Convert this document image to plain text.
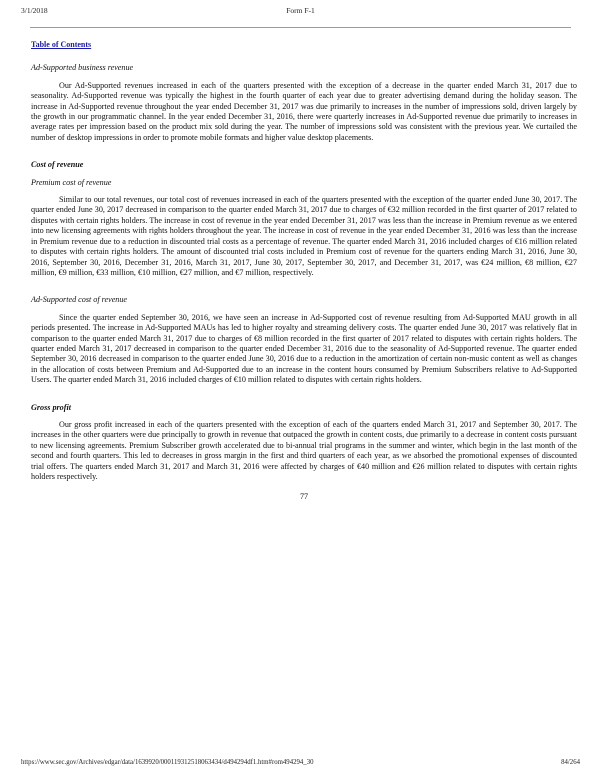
3/1/2018	Form F-1
Table of Contents
Ad-Supported business revenue

Our Ad-Supported revenues increased in each of the quarters presented with the exception of a decrease in the quarter ended March 31, 2017 due to seasonality. Ad-Supported revenue was typically the highest in the fourth quarter of each year due to greater advertising demand during the holiday season. The increase in Ad-Supported revenue throughout the year ended December 31, 2017 was due primarily to increases in the number of impressions sold, driven largely by the growth in our programmatic channel. In the year ended December 31, 2016, there were quarterly increases in Ad-Supported revenue due primarily to increases in average rates per impression based on the product mix sold during the year. The number of impressions sold was consistent with the previous year. We curtailed the number of desktop impressions in order to promote mobile formats and higher value desktop placements.

Cost of revenue
Premium cost of revenue

Similar to our total revenues, our total cost of revenues increased in each of the quarters presented with the exception of the quarter ended June 30, 2017. The quarter ended June 30, 2017 decreased in comparison to the quarter ended March 31, 2017 due to charges of €32 million recorded in the first quarter of 2017 related to disputes with certain rights holders. The increase in cost of revenue in the year ended December 31, 2017 was less than the increase in Premium revenue as we entered into new licensing agreements with rights holders throughout the year. The increase in cost of revenue in the year ended December 31, 2016 was less than the increase in Premium revenue due to a reduction in discounted trial costs as a percentage of revenue. The quarter ended March 31, 2016 included charges of €16 million related to disputes with certain rights holders. The amount of discounted trial costs included in Premium cost of revenue for the quarters ending March 31, 2016, June 30, 2016, September 30, 2016, December 31, 2016, March 31, 2017, June 30, 2017, September 30, 2017, and December 31, 2017, was €24 million, €8 million, €27 million, €9 million, €33 million, €10 million, €27 million, and €7 million, respectively.

Ad-Supported cost of revenue

Since the quarter ended September 30, 2016, we have seen an increase in Ad-Supported cost of revenue resulting from Ad-Supported MAU growth in all periods presented. The increase in Ad-Supported MAUs has led to higher royalty and streaming delivery costs. The quarter ended June 30, 2017 was relatively flat in comparison to the quarter ended March 31, 2017 due to charges of €8 million recorded in the first quarter of 2017 related to disputes with certain rights holders. The quarter ended March 31, 2017 decreased in comparison to the quarter ended December 31, 2016 due to the seasonality of Ad-Supported revenue. The quarter ended September 30, 2016 decreased in comparison to the quarter ended June 30, 2016 due to a reduction in the amortization of certain non-music content as well as changes in the allocation of costs between Premium and Ad-Supported due to an increase in the content hours consumed by Premium Subscribers relative to Ad-Supported Users. The quarter ended March 31, 2016 included charges of €10 million related to disputes with certain rights holders.

Gross profit

Our gross profit increased in each of the quarters presented with the exception of each of the quarters ended March 31, 2017 and September 30, 2017. The increases in the other quarters were due principally to growth in revenue that outpaced the growth in content costs, due primarily to a decrease in content costs pursuant to new licensing agreements. Premium Subscriber growth accelerated due to bi-annual trial programs in the summer and winter, which begin in the last month of the second and fourth quarters. This led to decreases in gross margin in the first and third quarters of each year, as we absorbed the promotional expenses of discounted trial offers. The quarters ended March 31, 2017 and March 31, 2016 were affected by charges of €40 million and €26 million related to disputes with certain rights holders respectively.

77
https://www.sec.gov/Archives/edgar/data/1639920/000119312518063434/d494294df1.htm#rom494294_30	84/264
